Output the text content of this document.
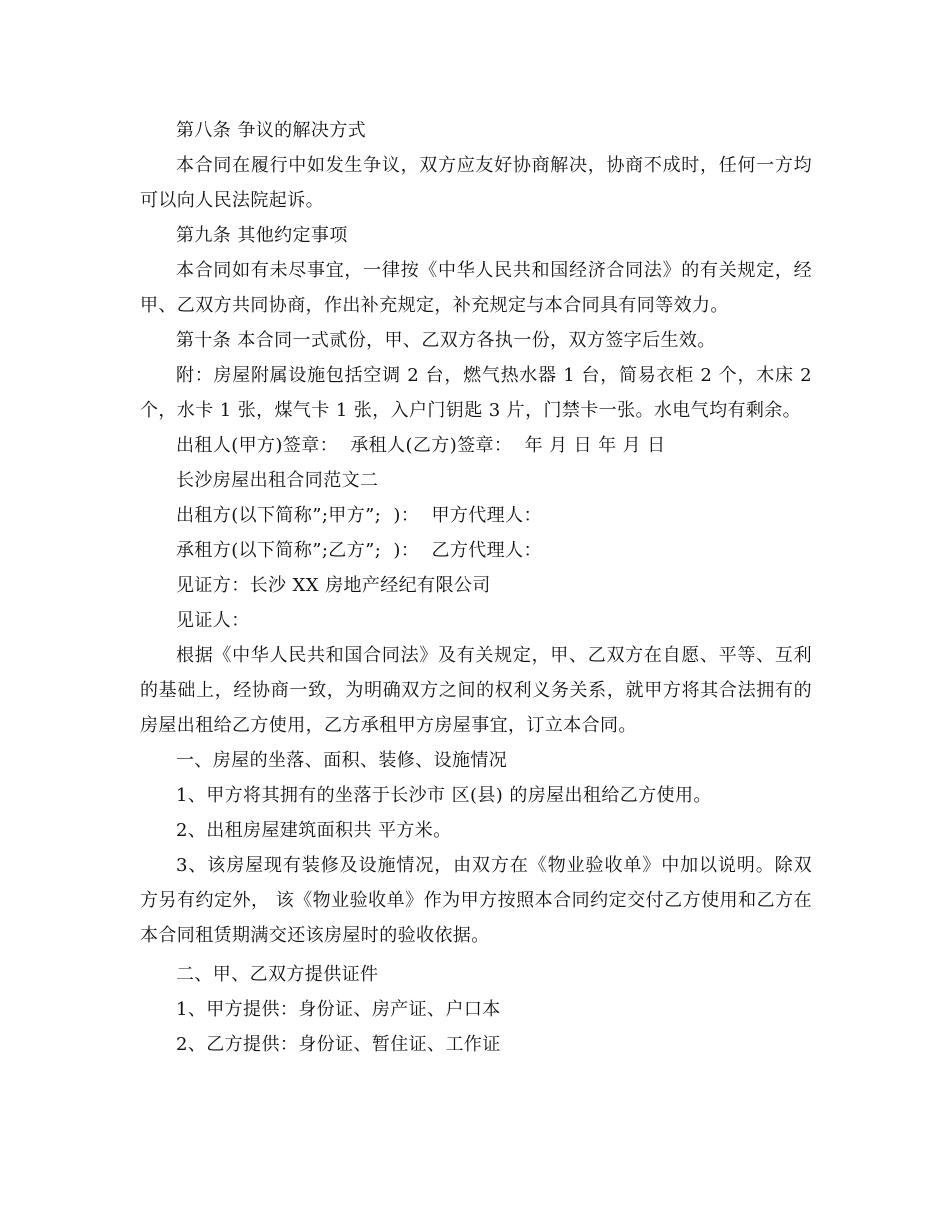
第八条 争议的解决方式

本合同在履行中如发生争议，双方应友好协商解决，协商不成时，任何一方均可以向人民法院起诉。

第九条 其他约定事项

本合同如有未尽事宜，一律按《中华人民共和国经济合同法》的有关规定，经甲、乙双方共同协商，作出补充规定，补充规定与本合同具有同等效力。

第十条 本合同一式贰份，甲、乙双方各执一份，双方签字后生效。

附：房屋附属设施包括空调 2 台，燃气热水器 1 台，简易衣柜 2 个，木床 2 个，水卡 1 张，煤气卡 1 张，入户门钥匙 3 片，门禁卡一张。水电气均有剩余。

出租人(甲方)签章：  承租人(乙方)签章：  年 月 日 年 月 日

长沙房屋出租合同范文二

出租方(以下简称”;甲方”;  )：  甲方代理人：

承租方(以下简称”;乙方”;  )：  乙方代理人：

见证方：长沙 XX 房地产经纪有限公司

见证人：

根据《中华人民共和国合同法》及有关规定，甲、乙双方在自愿、平等、互利的基础上，经协商一致，为明确双方之间的权利义务关系，就甲方将其合法拥有的房屋出租给乙方使用，乙方承租甲方房屋事宜，订立本合同。

一、房屋的坐落、面积、装修、设施情况

1、甲方将其拥有的坐落于长沙市 区(县) 的房屋出租给乙方使用。

2、出租房屋建筑面积共 平方米。

3、该房屋现有装修及设施情况，由双方在《物业验收单》中加以说明。除双方另有约定外， 该《物业验收单》作为甲方按照本合同约定交付乙方使用和乙方在本合同租赁期满交还该房屋时的验收依据。

二、甲、乙双方提供证件

1、甲方提供：身份证、房产证、户口本

2、乙方提供：身份证、暂住证、工作证
